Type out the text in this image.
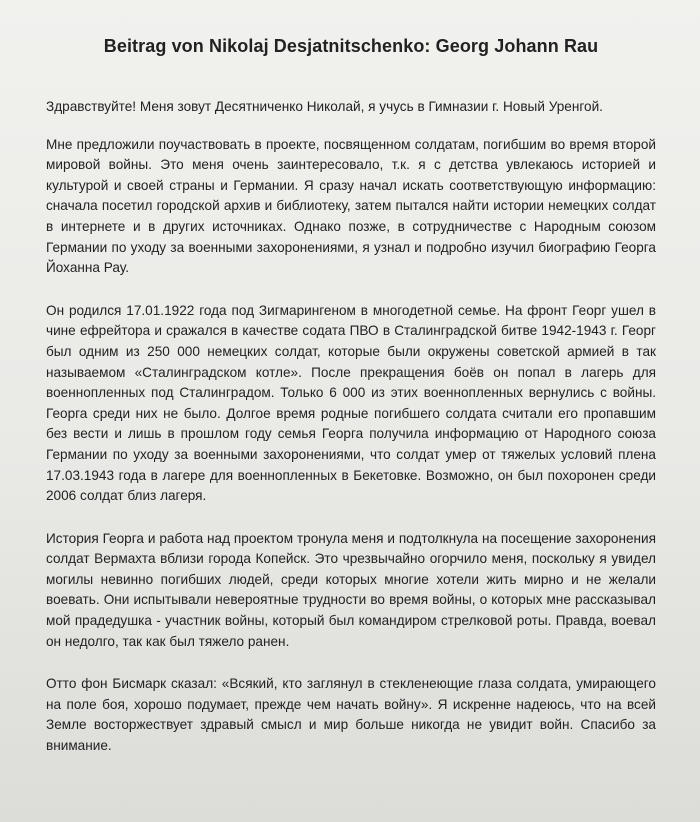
Beitrag von Nikolaj Desjatnitschenko: Georg Johann Rau

Здравствуйте! Меня зовут Десятниченко Николай, я учусь в Гимназии г. Новый Уренгой.

Мне предложили поучаствовать в проекте, посвященном солдатам, погибшим во время второй мировой войны. Это меня очень заинтересовало, т.к. я с детства увлекаюсь историей и культурой и своей страны и Германии. Я сразу начал искать соответствующую информацию: сначала посетил городской архив и библиотеку, затем пытался найти истории немецких солдат в интернете и в других источниках. Однако позже, в сотрудничестве с Народным союзом Германии по уходу за военными захоронениями, я узнал и подробно изучил биографию Георга Йоханна Рау.

Он родился 17.01.1922 года под Зигмарингеном в многодетной семье. На фронт Георг ушел в чине ефрейтора и сражался в качестве содата ПВО в Сталинградской битве 1942-1943 г. Георг был одним из 250 000 немецких солдат, которые были окружены советской армией в так называемом «Сталинградском котле». После прекращения боёв он попал в лагерь для военнопленных под Сталинградом. Только 6 000 из этих военнопленных вернулись с войны. Георга среди них не было. Долгое время родные погибшего солдата считали его пропавшим без вести и лишь в прошлом году семья Георга получила информацию от Народного союза Германии по уходу за военными захоронениями, что солдат умер от тяжелых условий плена 17.03.1943 года в лагере для военнопленных в Бекетовке. Возможно, он был похоронен среди 2006 солдат близ лагеря.

История Георга и работа над проектом тронула меня и подтолкнула на посещение захоронения солдат Вермахта вблизи города Копейск. Это чрезвычайно огорчило меня, поскольку я увидел могилы невинно погибших людей, среди которых многие хотели жить мирно и не желали воевать. Они испытывали невероятные трудности во время войны, о которых мне рассказывал мой прадедушка - участник войны, который был командиром стрелковой роты. Правда, воевал он недолго, так как был тяжело ранен.

Отто фон Бисмарк сказал: «Всякий, кто заглянул в стекленеющие глаза солдата, умирающего на поле боя, хорошо подумает, прежде чем начать войну». Я искренне надеюсь, что на всей Земле восторжествует здравый смысл и мир больше никогда не увидит войн. Спасибо за внимание.
